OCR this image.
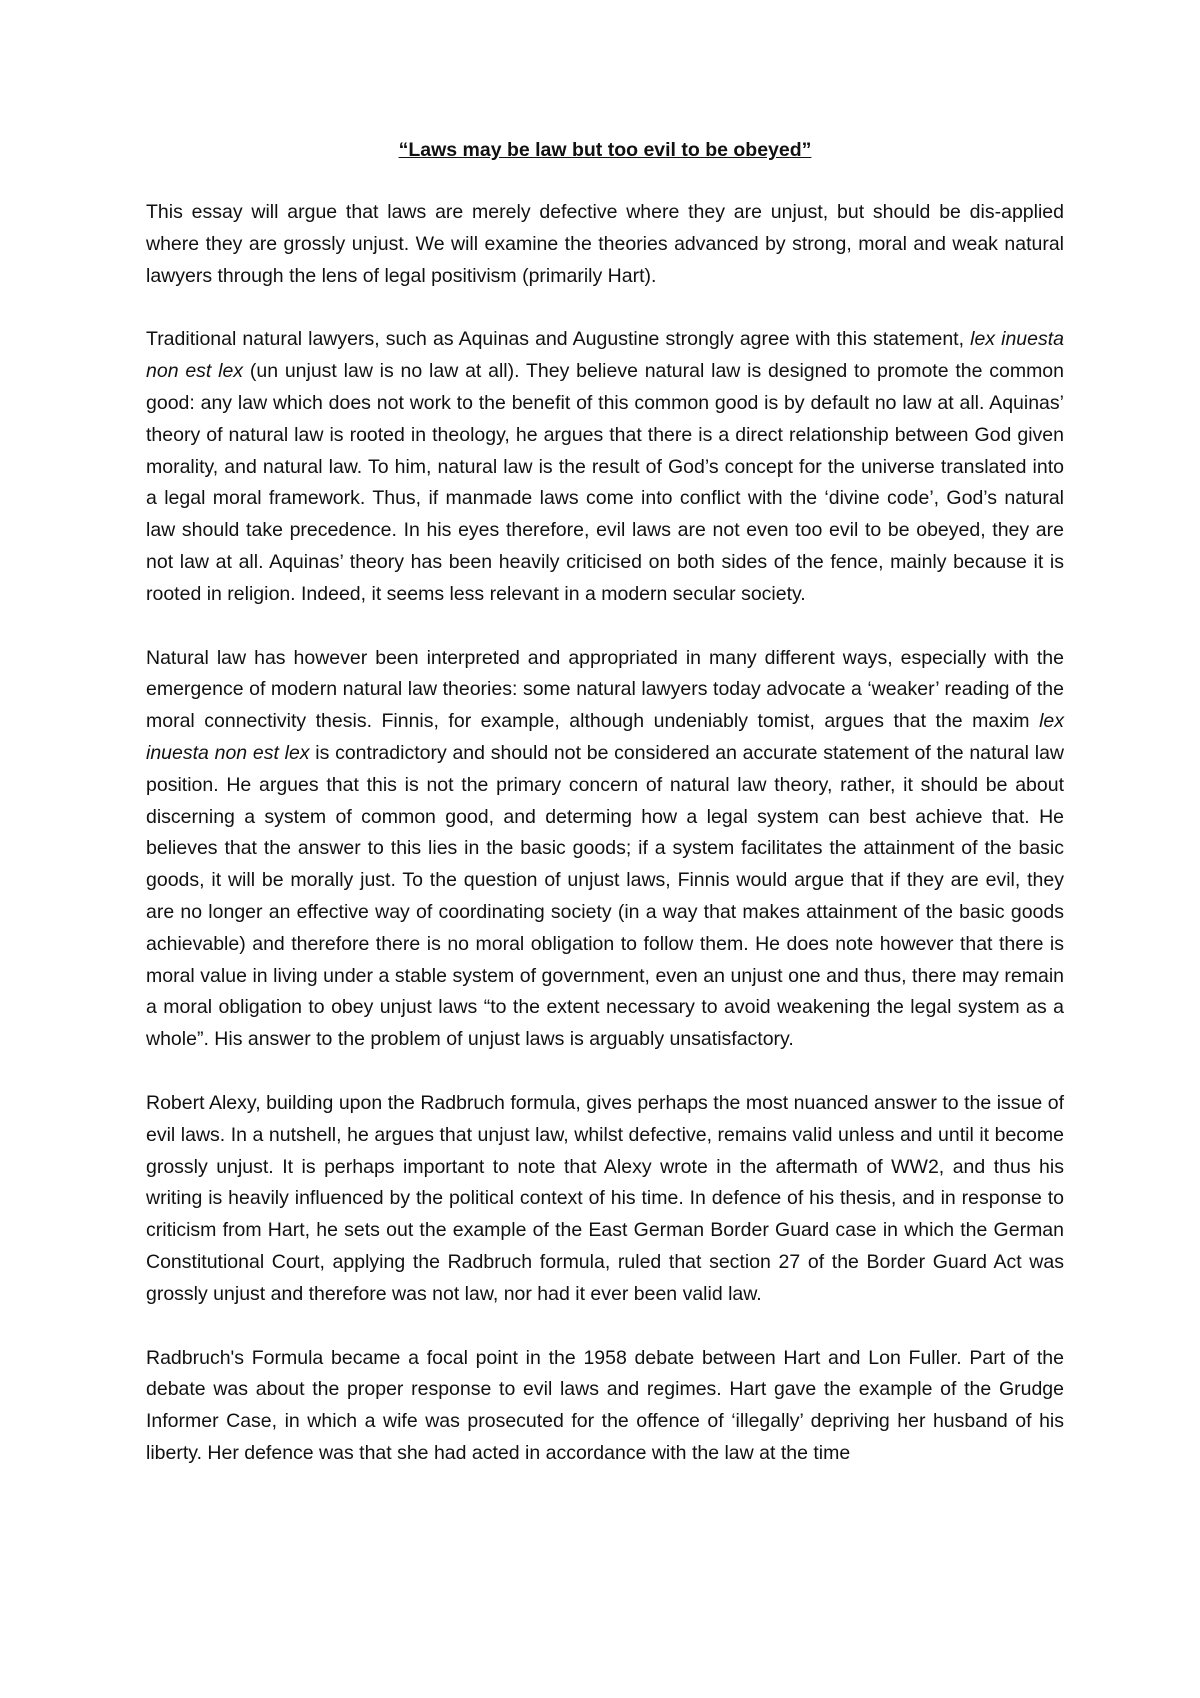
“Laws may be law but too evil to be obeyed”

This essay will argue that laws are merely defective where they are unjust, but should be dis-applied where they are grossly unjust. We will examine the theories advanced by strong, moral and weak natural lawyers through the lens of legal positivism (primarily Hart).

Traditional natural lawyers, such as Aquinas and Augustine strongly agree with this statement, lex inuesta non est lex (un unjust law is no law at all). They believe natural law is designed to promote the common good: any law which does not work to the benefit of this common good is by default no law at all. Aquinas’ theory of natural law is rooted in theology, he argues that there is a direct relationship between God given morality, and natural law. To him, natural law is the result of God’s concept for the universe translated into a legal moral framework. Thus, if manmade laws come into conflict with the ‘divine code’, God’s natural law should take precedence. In his eyes therefore, evil laws are not even too evil to be obeyed, they are not law at all. Aquinas’ theory has been heavily criticised on both sides of the fence, mainly because it is rooted in religion. Indeed, it seems less relevant in a modern secular society.

Natural law has however been interpreted and appropriated in many different ways, especially with the emergence of modern natural law theories: some natural lawyers today advocate a ‘weaker’ reading of the moral connectivity thesis. Finnis, for example, although undeniably tomist, argues that the maxim lex inuesta non est lex is contradictory and should not be considered an accurate statement of the natural law position. He argues that this is not the primary concern of natural law theory, rather, it should be about discerning a system of common good, and determing how a legal system can best achieve that. He believes that the answer to this lies in the basic goods; if a system facilitates the attainment of the basic goods, it will be morally just. To the question of unjust laws, Finnis would argue that if they are evil, they are no longer an effective way of coordinating society (in a way that makes attainment of the basic goods achievable) and therefore there is no moral obligation to follow them. He does note however that there is moral value in living under a stable system of government, even an unjust one and thus, there may remain a moral obligation to obey unjust laws “to the extent necessary to avoid weakening the legal system as a whole”. His answer to the problem of unjust laws is arguably unsatisfactory.

Robert Alexy, building upon the Radbruch formula, gives perhaps the most nuanced answer to the issue of evil laws. In a nutshell, he argues that unjust law, whilst defective, remains valid unless and until it become grossly unjust. It is perhaps important to note that Alexy wrote in the aftermath of WW2, and thus his writing is heavily influenced by the political context of his time. In defence of his thesis, and in response to criticism from Hart, he sets out the example of the East German Border Guard case in which the German Constitutional Court, applying the Radbruch formula, ruled that section 27 of the Border Guard Act was grossly unjust and therefore was not law, nor had it ever been valid law.

Radbruch's Formula became a focal point in the 1958 debate between Hart and Lon Fuller. Part of the debate was about the proper response to evil laws and regimes. Hart gave the example of the Grudge Informer Case, in which a wife was prosecuted for the offence of ‘illegally’ depriving her husband of his liberty. Her defence was that she had acted in accordance with the law at the time
